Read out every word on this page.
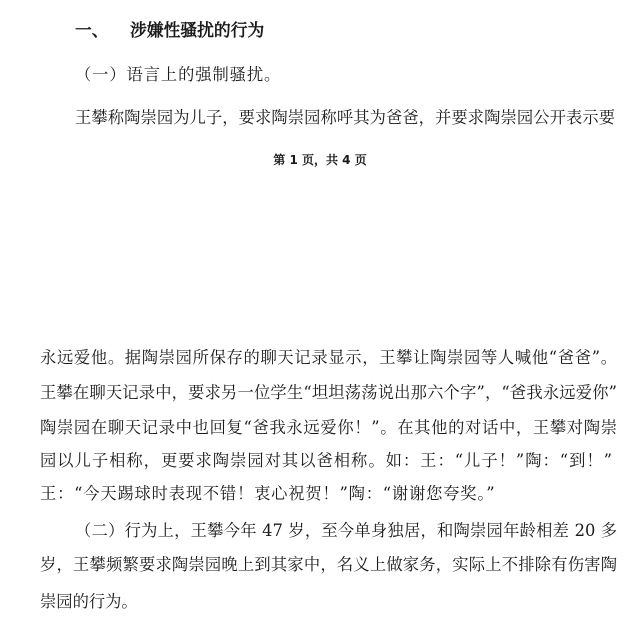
一、 涉嫌性骚扰的行为
（一）语言上的强制骚扰。
王攀称陶崇园为儿子，要求陶崇园称呼其为爸爸，并要求陶崇园公开表示要
第 1 页，共 4 页
永远爱他。据陶崇园所保存的聊天记录显示，王攀让陶崇园等人喊他“爸爸”。
王攀在聊天记录中，要求另一位学生“坦坦荡荡说出那六个字”，“爸我永远爱你”
陶崇园在聊天记录中也回复“爸我永远爱你！”。在其他的对话中，王攀对陶崇
园以儿子相称，更要求陶崇园对其以爸相称。如：王：“儿子！”陶：“到！”
王：“今天踢球时表现不错！衷心祝贺！”陶：“谢谢您夸奖。”
（二）行为上，王攀今年 47 岁，至今单身独居，和陶崇园年龄相差 20 多
岁，王攀频繁要求陶崇园晚上到其家中，名义上做家务，实际上不排除有伤害陶
崇园的行为。
